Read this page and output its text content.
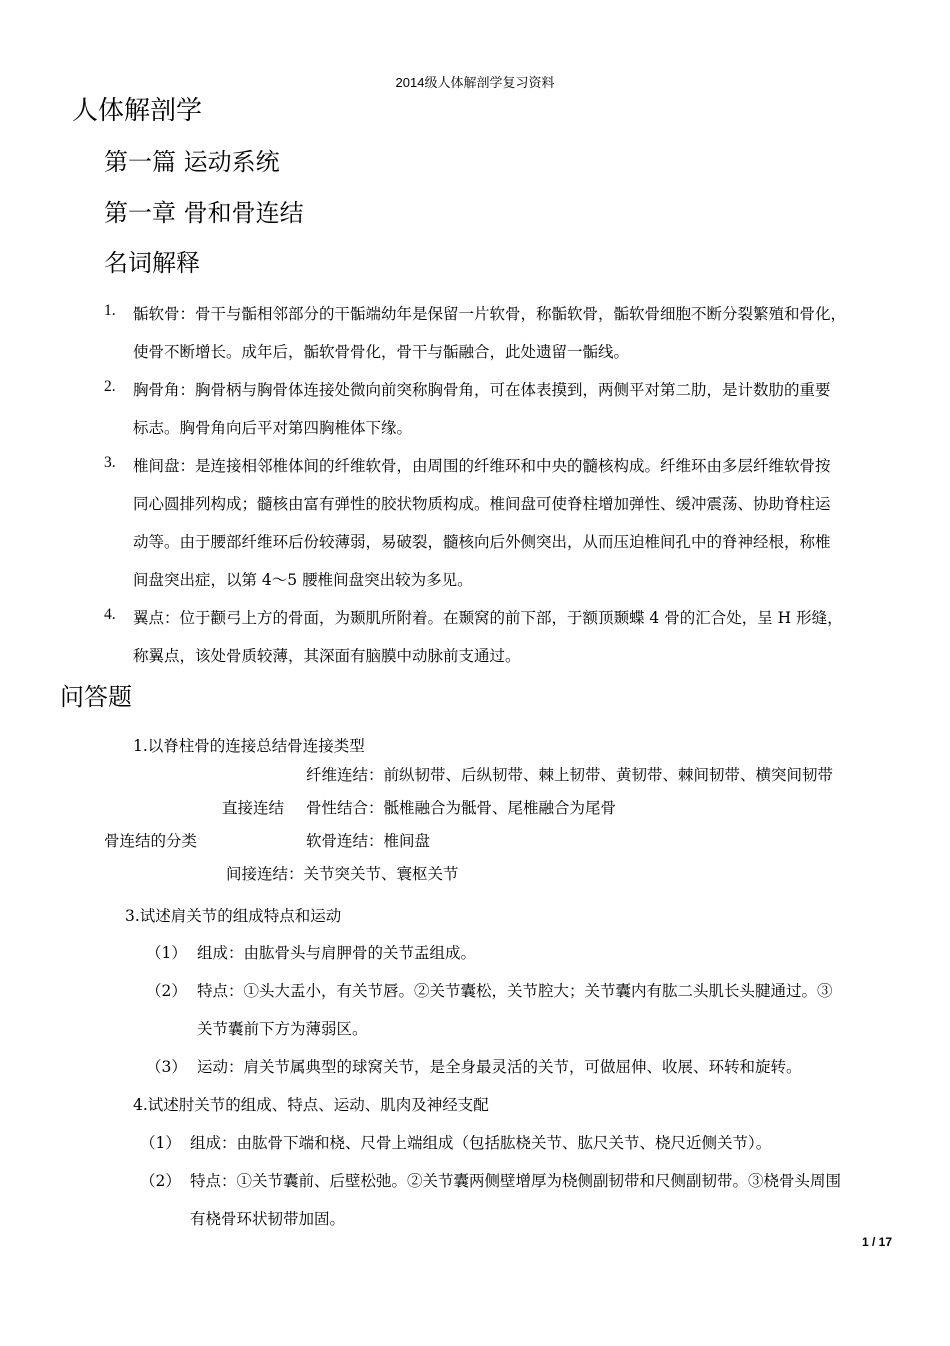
2014级人体解剖学复习资料
人体解剖学
第一篇 运动系统
第一章 骨和骨连结
名词解释
1. 骺软骨：骨干与骺相邻部分的干骺端幼年是保留一片软骨，称骺软骨，骺软骨细胞不断分裂繁殖和骨化，
使骨不断增长。成年后，骺软骨骨化，骨干与骺融合，此处遗留一骺线。
2. 胸骨角：胸骨柄与胸骨体连接处微向前突称胸骨角，可在体表摸到，两侧平对第二肋，是计数肋的重要
标志。胸骨角向后平对第四胸椎体下缘。
3. 椎间盘：是连接相邻椎体间的纤维软骨，由周围的纤维环和中央的髓核构成。纤维环由多层纤维软骨按
同心圆排列构成；髓核由富有弹性的胶状物质构成。椎间盘可使脊柱增加弹性、缓冲震荡、协助脊柱运
动等。由于腰部纤维环后份较薄弱，易破裂，髓核向后外侧突出，从而压迫椎间孔中的脊神经根，称椎
间盘突出症，以第 4～5 腰椎间盘突出较为多见。
4. 翼点：位于颧弓上方的骨面，为颞肌所附着。在颞窝的前下部，于额顶颞蝶 4 骨的汇合处，呈 H 形缝，
称翼点，该处骨质较薄，其深面有脑膜中动脉前支通过。
问答题
1.以脊柱骨的连接总结骨连接类型
纤维连结：前纵韧带、后纵韧带、棘上韧带、黄韧带、棘间韧带、横突间韧带
直接连结 骨性结合：骶椎融合为骶骨、尾椎融合为尾骨
骨连结的分类	软骨连结：椎间盘
间接连结：关节突关节、寰枢关节
3.试述肩关节的组成特点和运动
（1） 组成：由肱骨头与肩胛骨的关节盂组成。
（2） 特点：①头大盂小，有关节唇。②关节囊松，关节腔大；关节囊内有肱二头肌长头腱通过。③
关节囊前下方为薄弱区。
（3） 运动：肩关节属典型的球窝关节，是全身最灵活的关节，可做屈伸、收展、环转和旋转。
4.试述肘关节的组成、特点、运动、肌肉及神经支配
（1） 组成：由肱骨下端和桡、尺骨上端组成（包括肱桡关节、肱尺关节、桡尺近侧关节）。
（2） 特点：①关节囊前、后壁松弛。②关节囊两侧壁增厚为桡侧副韧带和尺侧副韧带。③桡骨头周围
有桡骨环状韧带加固。
1 / 17
